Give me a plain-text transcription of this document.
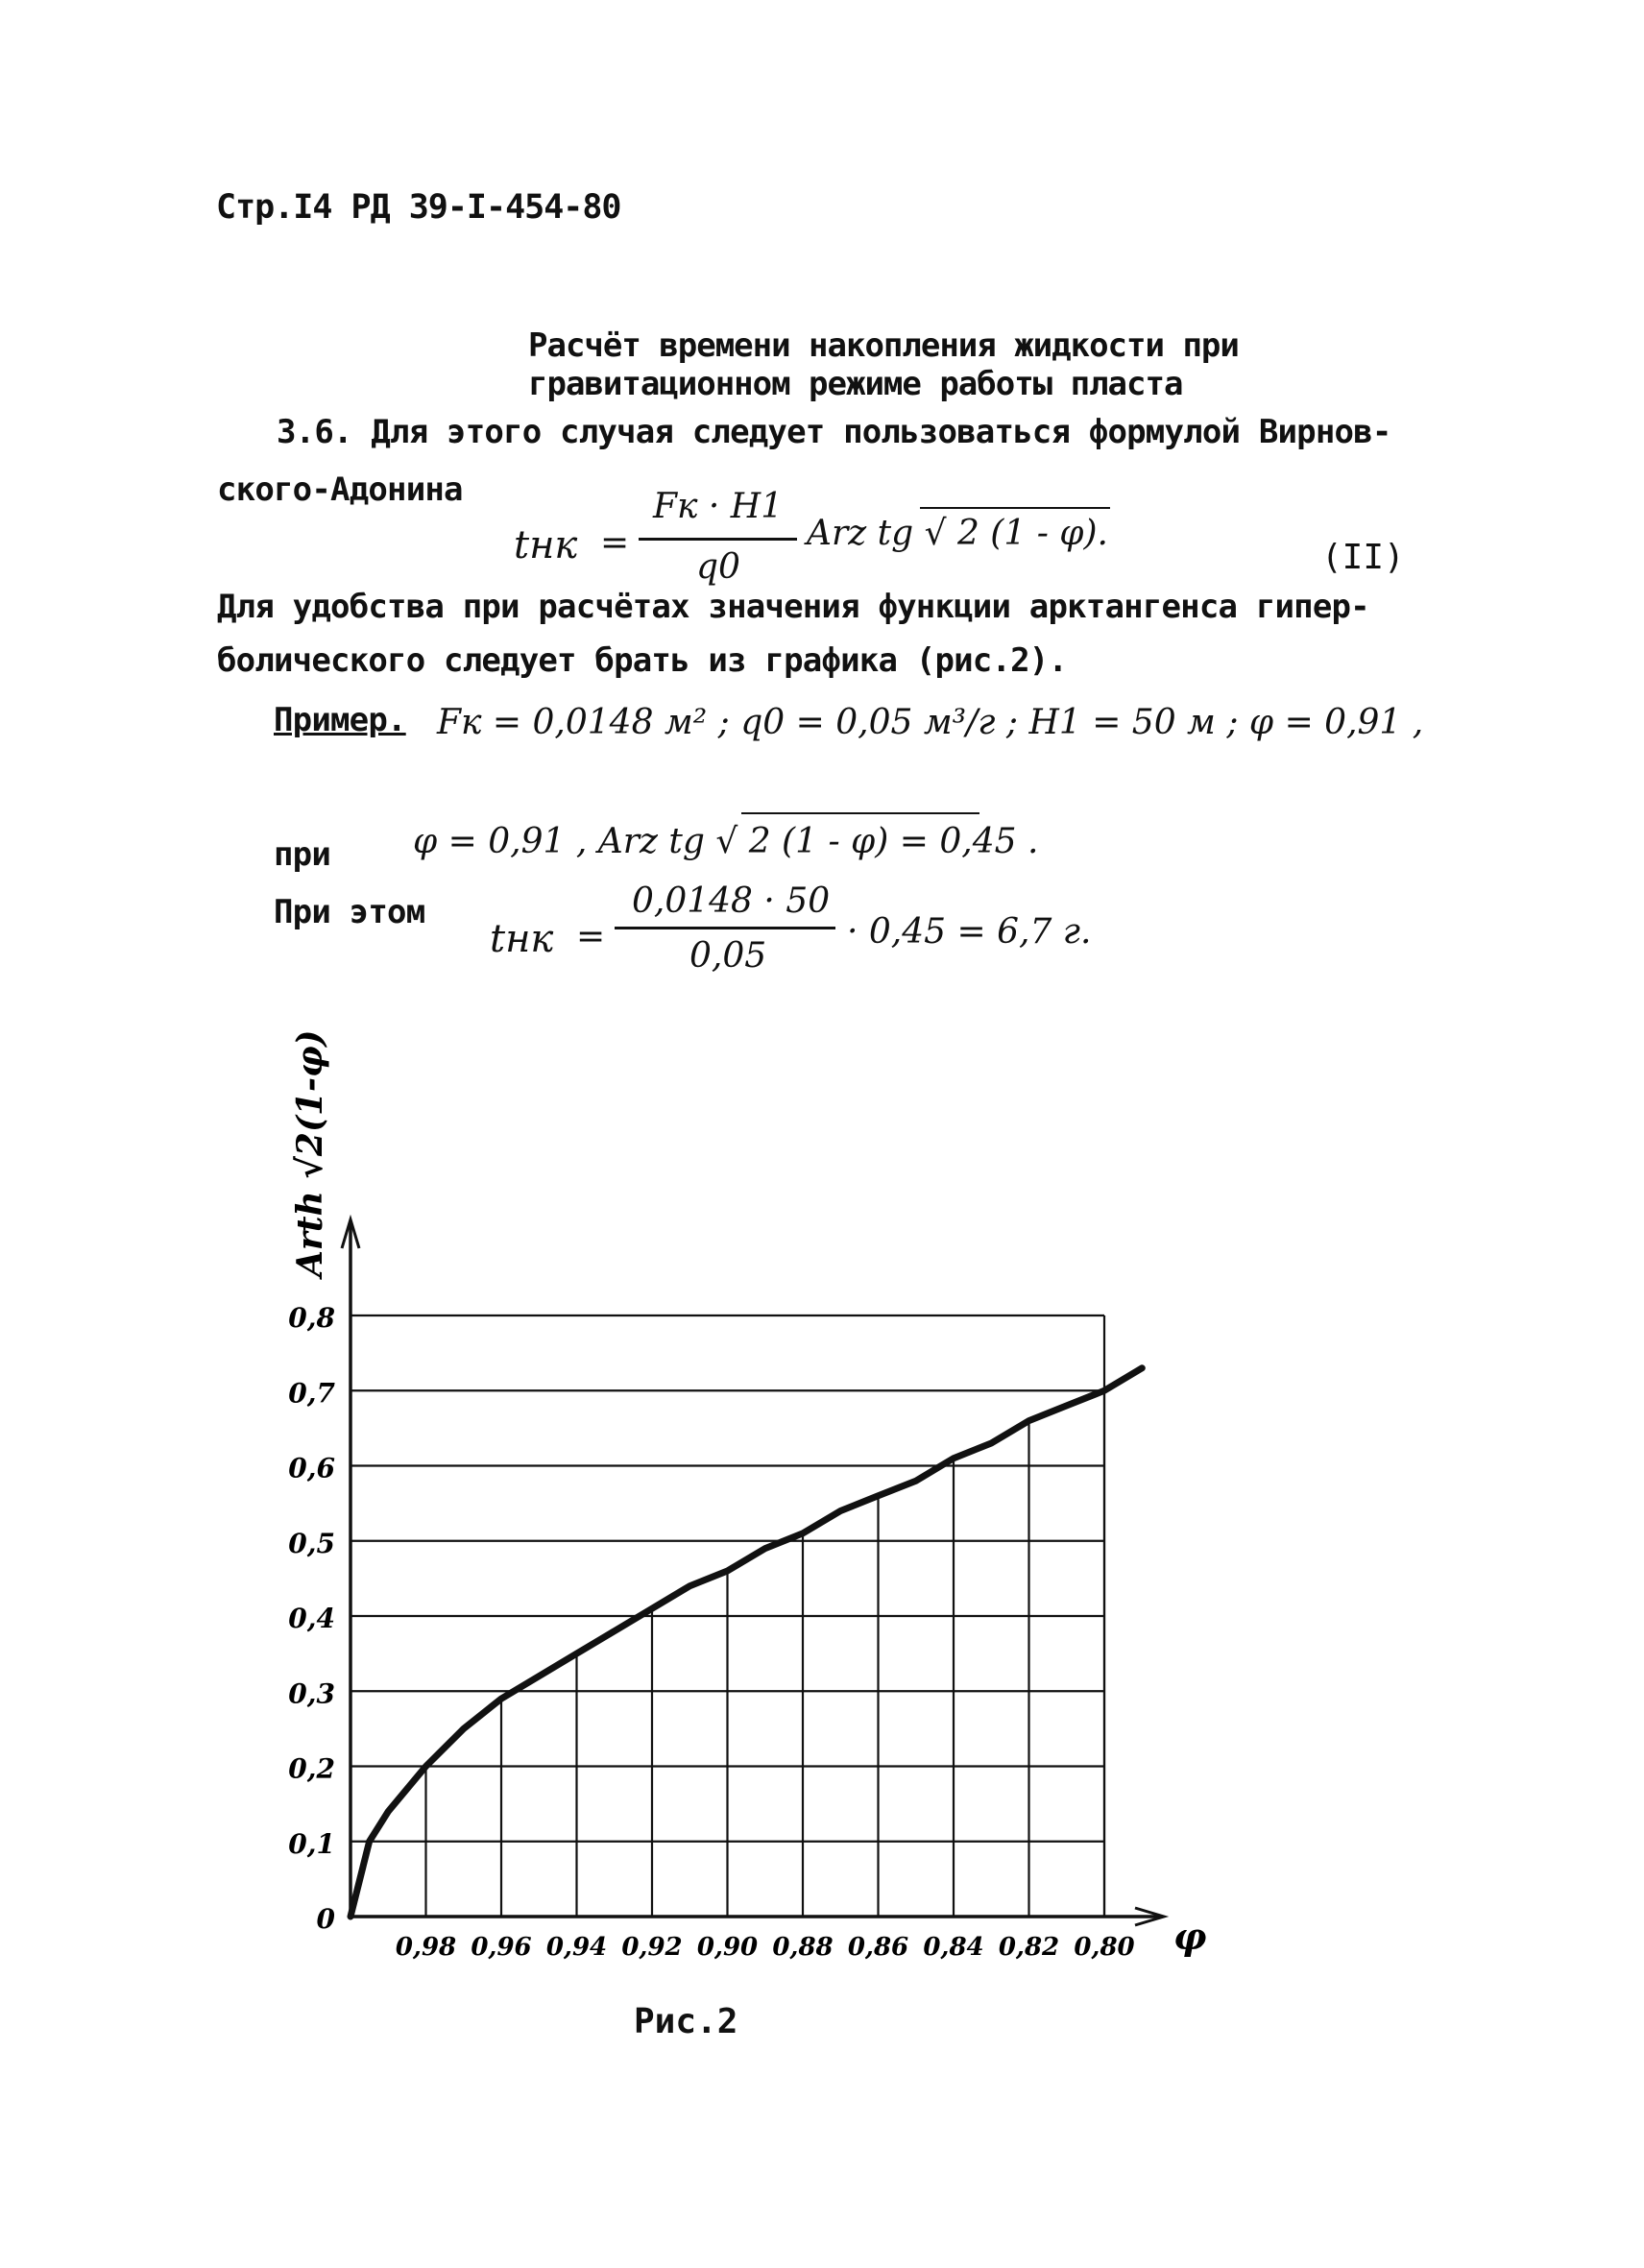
Стр.I4 РД 39-I-454-80
Расчёт времени накопления жидкости при
гравитационном режиме работы пласта
3.6. Для этого случая следует пользоваться формулой Вирнов-
ского-Адонина
tнк =
Fк · H1
q0
Arz tg √ 2 (1 - φ).
(II)
Для удобства при расчётах значения функции арктангенса гипер-
болического следует брать из графика (рис.2).
Пример. Fк = 0,0148 м² ; q0 = 0,05 м³/г ; H1 = 50 м ; φ = 0,91 ,
при φ = 0,91 , Arz tg √ 2 (1 - φ) = 0,45 .
При этом
tнк =
0,0148 · 50
0,05
· 0,45 = 6,7 г.
0
0,1
0,2
0,3
0,4
0,5
0,6
0,7
0,8
0,98 0,96 0,94 0,92 0,90 0,88 0,86 0,84 0,82 0,80 φ
Arth √2(1-φ)
Рис.2
